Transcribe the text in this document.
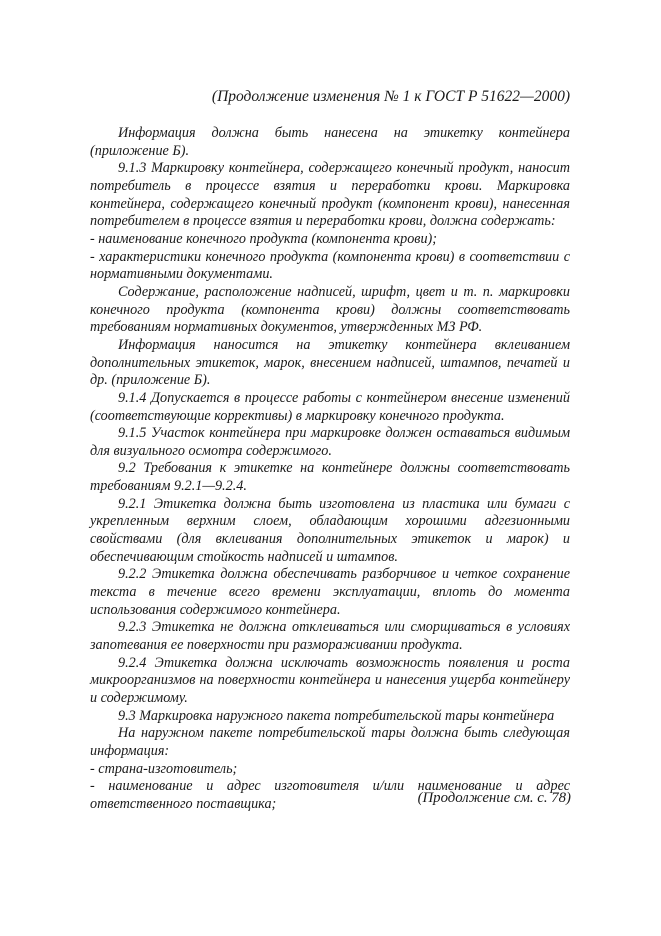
(Продолжение изменения № 1 к ГОСТ Р 51622—2000)

Информация должна быть нанесена на этикетку контейнера (приложение Б).

9.1.3 Маркировку контейнера, содержащего конечный продукт, наносит потребитель в процессе взятия и переработки крови. Маркировка контейнера, содержащего конечный продукт (компонент крови), нанесенная потребителем в процессе взятия и переработки крови, должна содержать:

- наименование конечного продукта (компонента крови);

- характеристики конечного продукта (компонента крови) в соответствии с нормативными документами.

Содержание, расположение надписей, шрифт, цвет и т. п. маркировки конечного продукта (компонента крови) должны соответствовать требованиям нормативных документов, утвержденных МЗ РФ.

Информация наносится на этикетку контейнера вклеиванием дополнительных этикеток, марок, внесением надписей, штампов, печатей и др. (приложение Б).

9.1.4 Допускается в процессе работы с контейнером внесение изменений (соответствующие коррективы) в маркировку конечного продукта.

9.1.5 Участок контейнера при маркировке должен оставаться видимым для визуального осмотра содержимого.

9.2 Требования к этикетке на контейнере должны соответствовать требованиям 9.2.1—9.2.4.

9.2.1 Этикетка должна быть изготовлена из пластика или бумаги с укрепленным верхним слоем, обладающим хорошими адгезионными свойствами (для вклеивания дополнительных этикеток и марок) и обеспечивающим стойкость надписей и штампов.

9.2.2 Этикетка должна обеспечивать разборчивое и четкое сохранение текста в течение всего времени эксплуатации, вплоть до момента использования содержимого контейнера.

9.2.3 Этикетка не должна отклеиваться или сморщиваться в условиях запотевания ее поверхности при размораживании продукта.

9.2.4 Этикетка должна исключать возможность появления и роста микроорганизмов на поверхности контейнера и нанесения ущерба контейнеру и содержимому.

9.3 Маркировка наружного пакета потребительской тары контейнера

На наружном пакете потребительской тары должна быть следующая информация:

- страна-изготовитель;

- наименование и адрес изготовителя и/или наименование и адрес ответственного поставщика;	(Продолжение см. с. 78)
